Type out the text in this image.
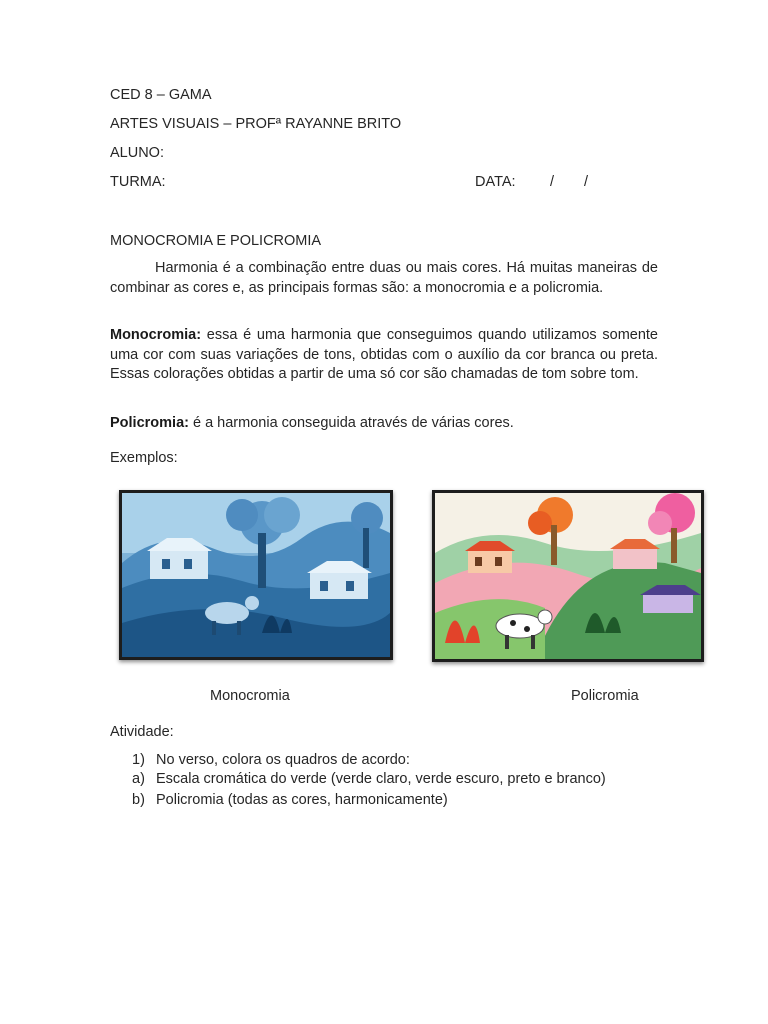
CED 8 – GAMA
ARTES VISUAIS – PROFª RAYANNE BRITO
ALUNO:
TURMA:	DATA: / /
MONOCROMIA E POLICROMIA
Harmonia é a combinação entre duas ou mais cores. Há muitas maneiras de combinar as cores e, as principais formas são: a monocromia e a policromia.
Monocromia: essa é uma harmonia que conseguimos quando utilizamos somente uma cor com suas variações de tons, obtidas com o auxílio da cor branca ou preta. Essas colorações obtidas a partir de uma só cor são chamadas de tom sobre tom.
Policromia: é a harmonia conseguida através de várias cores.
Exemplos:
Monocromia	Policromia
Atividade:
1) No verso, colora os quadros de acordo:
a) Escala cromática do verde (verde claro, verde escuro, preto e branco)
b) Policromia (todas as cores, harmonicamente)
